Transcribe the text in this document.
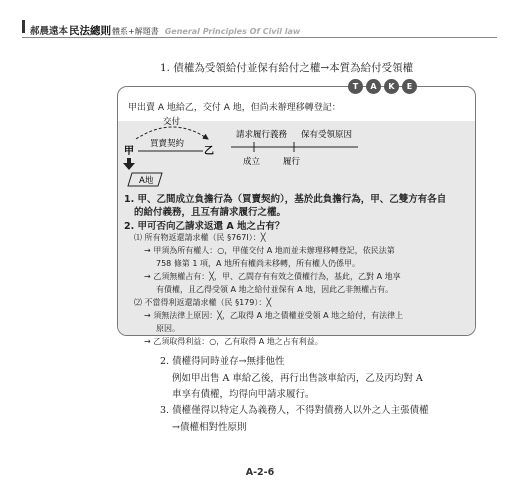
郝晨遠本民法總則體系+解題書 General Principles Of Civil law
1. 債權為受領給付並保有給付之權→本質為給付受領權
T	A	K	E
甲出賣 A 地給乙，交付 A 地，但尚未辦理移轉登記：
交付
買賣契約
甲	乙
A地
請求履行義務 保有受領原因
成立	履行
1. 甲、乙間成立負擔行為（買賣契約），基於此負擔行為，甲、乙雙方有各自
的給付義務，且互有請求履行之權。
2. 甲可否向乙請求返還 A 地之占有？
⑴ 所有物返還請求權（民 §767Ⅰ）：╳
→ 甲須為所有權人：○，甲僅交付 A 地而並未辦理移轉登記，依民法第
758 條第 1 項，A 地所有權尚未移轉，所有權人仍係甲。
→ 乙須無權占有：╳，甲、乙間存有有效之債權行為，基此，乙對 A 地享
有債權，且乙得受領 A 地之給付並保有 A 地，因此乙非無權占有。
⑵ 不當得利返還請求權（民 §179）：╳
→ 須無法律上原因：╳，乙取得 A 地之債權並受領 A 地之給付，有法律上
原因。
→ 乙須取得利益：○，乙有取得 A 地之占有利益。
2. 債權得同時並存→無排他性
例如甲出售 A 車給乙後，再行出售該車給丙，乙及丙均對 A
車享有債權，均得向甲請求履行。
3. 債權僅得以特定人為義務人，不得對債務人以外之人主張債權
→債權相對性原則
A-2-6
